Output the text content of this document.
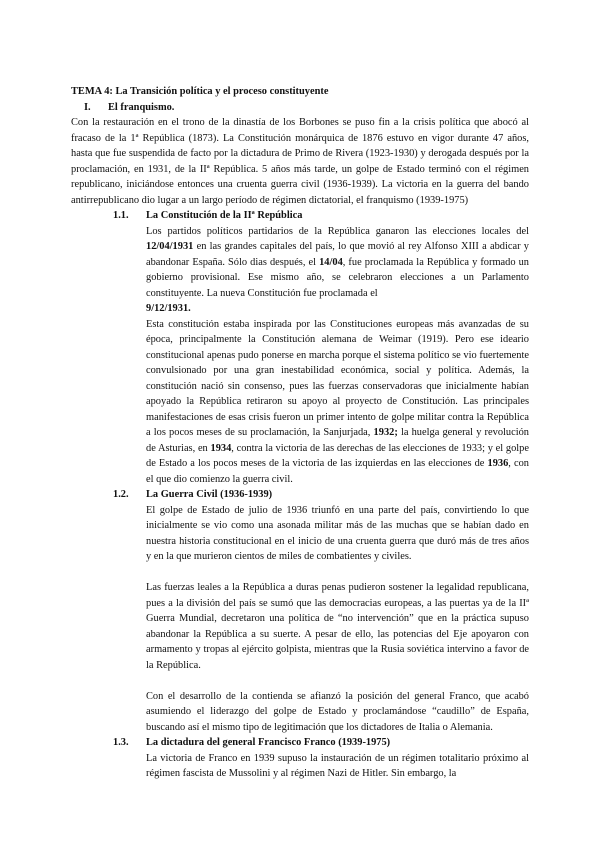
TEMA 4: La Transición política y el proceso constituyente

I.	El franquismo.

Con la restauración en el trono de la dinastía de los Borbones se puso fin a la crisis política que abocó al fracaso de la 1ª República (1873). La Constitución monárquica de 1876 estuvo en vigor durante 47 años, hasta que fue suspendida de facto por la dictadura de Primo de Rivera (1923-1930) y derogada después por la proclamación, en 1931, de la IIª República. 5 años más tarde, un golpe de Estado terminó con el régimen republicano, iniciándose entonces una cruenta guerra civil (1936-1939). La victoria en la guerra del bando antirrepublicano dio lugar a un largo período de régimen dictatorial, el franquismo (1939-1975)

1.1.	La Constitución de la IIª República

Los partidos políticos partidarios de la República ganaron las elecciones locales del 12/04/1931 en las grandes capitales del país, lo que movió al rey Alfonso XIII a abdicar y abandonar España. Sólo dias después, el 14/04, fue proclamada la República y formado un gobierno provisional. Ese mismo año, se celebraron elecciones a un Parlamento constituyente. La nueva Constitución fue proclamada el
9/12/1931.

Esta constitución estaba inspirada por las Constituciones europeas más avanzadas de su época, principalmente la Constitución alemana de Weimar (1919). Pero ese ideario constitucional apenas pudo ponerse en marcha porque el sistema político se vio fuertemente convulsionado por una gran inestabilidad económica, social y política. Además, la constitución nació sin consenso, pues las fuerzas conservadoras que inicialmente habían apoyado la República retiraron su apoyo al proyecto de Constitución. Las principales manifestaciones de esas crisis fueron un primer intento de golpe militar contra la República a los pocos meses de su proclamación, la Sanjurjada, 1932; la huelga general y revolución de Asturias, en 1934, contra la victoria de las derechas de las elecciones de 1933; y el golpe de Estado a los pocos meses de la victoria de las izquierdas en las elecciones de 1936, con el que dio comienzo la guerra civil.

1.2.	La Guerra Civil (1936-1939)

El golpe de Estado de julio de 1936 triunfó en una parte del país, convirtiendo lo que inicialmente se vio como una asonada militar más de las muchas que se habían dado en nuestra historia constitucional en el inicio de una cruenta guerra que duró más de tres años y en la que murieron cientos de miles de combatientes y civiles.

Las fuerzas leales a la República a duras penas pudieron sostener la legalidad republicana, pues a la división del país se sumó que las democracias europeas, a las puertas ya de la IIª Guerra Mundial, decretaron una política de “no intervención” que en la práctica supuso abandonar la República a su suerte. A pesar de ello, las potencias del Eje apoyaron con armamento y tropas al ejército golpista, mientras que la Rusia soviética intervino a favor de la República.

Con el desarrollo de la contienda se afianzó la posición del general Franco, que acabó asumiendo el liderazgo del golpe de Estado y proclamándose “caudillo” de España, buscando así el mismo tipo de legitimación que los dictadores de Italia o Alemania.

1.3.	La dictadura del general Francisco Franco (1939-1975)

La victoria de Franco en 1939 supuso la instauración de un régimen totalitario próximo al régimen fascista de Mussolini y al régimen Nazi de Hitler. Sin embargo, la
